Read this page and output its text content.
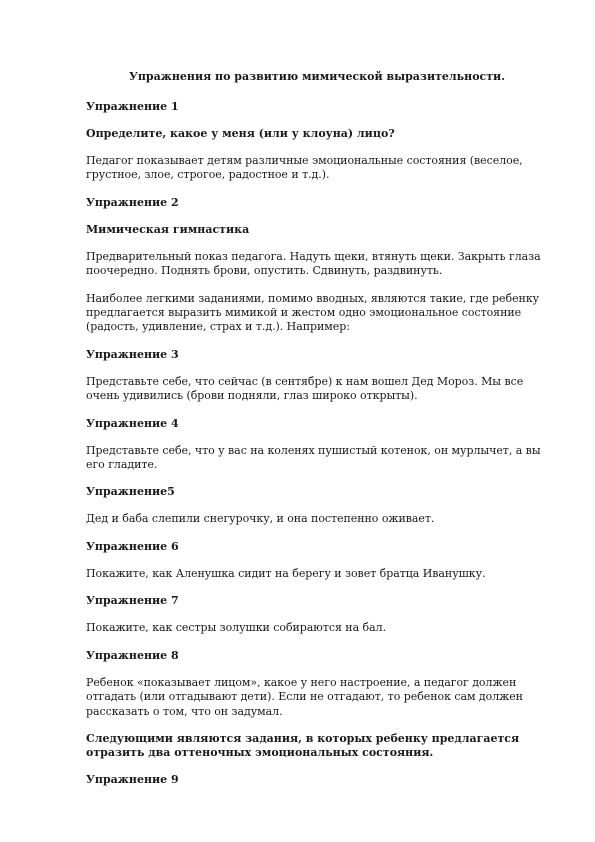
Упражнения по развитию мимической выразительности.
Упражнение 1
Определите, какое у меня (или у клоуна) лицо?
Педагог показывает детям различные эмоциональные состояния (веселое, грустное, злое, строгое, радостное и т.д.).
Упражнение 2
Мимическая гимнастика
Предварительный показ педагога. Надуть щеки, втянуть щеки. Закрыть глаза поочередно. Поднять брови, опустить. Сдвинуть, раздвинуть.
Наиболее легкими заданиями, помимо вводных, являются такие, где ребенку предлагается выразить мимикой и жестом одно эмоциональное состояние (радость, удивление, страх и т.д.). Например:
Упражнение 3
Представьте себе, что сейчас (в сентябре) к нам вошел Дед Мороз. Мы все очень удивились (брови подняли, глаз широко открыты).
Упражнение 4
Представьте себе, что у вас на коленях пушистый котенок, он мурлычет, а вы его гладите.
Упражнение5
Дед и баба слепили снегурочку, и она постепенно оживает.
Упражнение 6
Покажите, как Аленушка сидит на берегу и зовет братца Иванушку.
Упражнение 7
Покажите, как сестры золушки собираются на бал.
Упражнение 8
Ребенок «показывает лицом», какое у него настроение, а педагог должен отгадать (или отгадывают дети). Если не отгадают, то ребенок сам должен рассказать о том, что он задумал.
Следующими являются задания, в которых ребенку предлагается отразить два оттеночных эмоциональных состояния.
Упражнение 9
